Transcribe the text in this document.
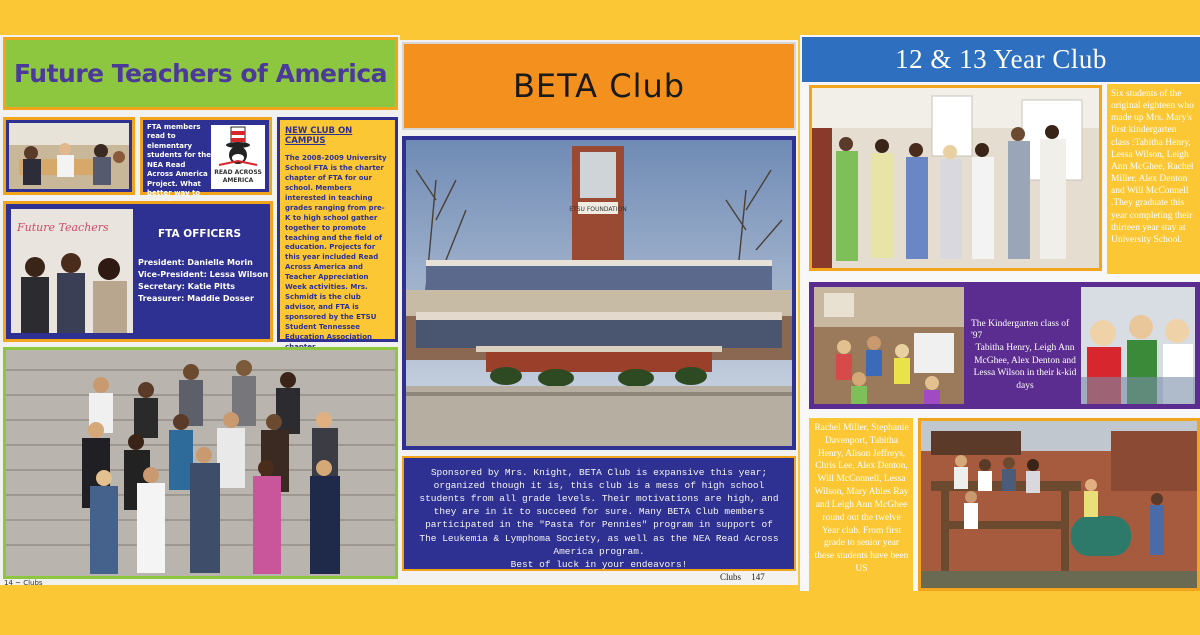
Future Teachers of America
FTA members read to elementary students for the NEA Read Across America Project. What better way to
READ ACROSS
AMERICA
NEW CLUB ON CAMPUS

The 2008-2009 University School FTA is the charter chapter of FTA for our school. Members interested in teaching grades ranging from pre-K to high school gather together to promote teaching and the field of education. Projects for this year included Read Across America and Teacher Appreciation Week activities. Mrs. Schmidt is the club advisor, and FTA is sponsored by the ETSU Student Tennessee Education Association

Future Teachers	FTA OFFICERS
President: Danielle Morin
Vice-President: Lessa Wilson
Secretary: Katie Pitts
Treasurer: Maddie Dosser
14 ~ Clubs
BETA Club
ETSU FOUNDATION
Sponsored by Mrs. Knight, BETA Club is expansive this year; organized though it is, this club is a mess of high school students from all grade levels. Their motivations are high, and they are in it to succeed for sure. Many BETA Club members participated in the "Pasta for Pennies" program in support of The Leukemia & Lymphoma Society, as well as the NEA Read Across America program.
Best of luck in your endeavors!
Clubs 147
12 & 13 Year Club
Six students of the original eighteen who made up Mrs. Mary's first kindergarten class :Tabitha Henry, Lessa Wilson, Leigh Ann McGhee, Rachel Miller, Alex Denton and Will McConnell .They graduate this year completing their thirteen year stay at University School.
The Kindergarten class of '97
Tabitha Henry, Leigh Ann McGhee, Alex Denton and Lessa Wilson in their k-kid days
Rachel Miller, Stephanie Davenport, Tabitha Henry, Alison Jeffreys, Chris Lee, Alex Denton, Will McConnell, Lessa Wilson, Mary Ables Ray and Leigh Ann McGhee round out the twelve Year club. From first grade to senior year these students have been US
